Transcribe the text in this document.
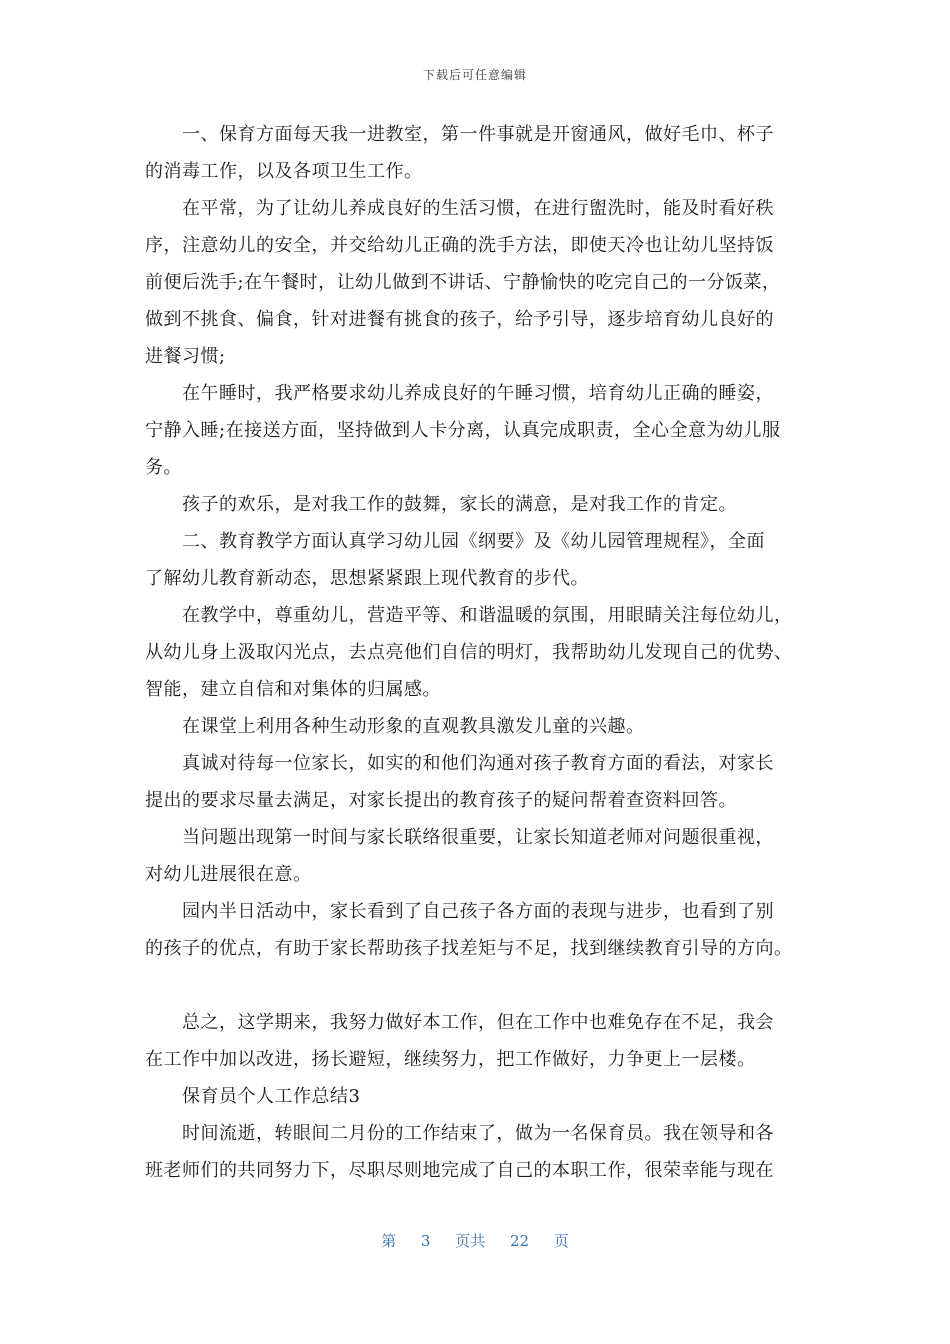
下载后可任意编辑

一、保育方面每天我一进教室，第一件事就是开窗通风，做好毛巾、杯子
的消毒工作，以及各项卫生工作。

在平常，为了让幼儿养成良好的生活习惯，在进行盥洗时，能及时看好秩
序，注意幼儿的安全，并交给幼儿正确的洗手方法，即使天冷也让幼儿坚持饭
前便后洗手;在午餐时，让幼儿做到不讲话、宁静愉快的吃完自己的一分饭菜，
做到不挑食、偏食，针对进餐有挑食的孩子，给予引导，逐步培育幼儿良好的
进餐习惯;

在午睡时，我严格要求幼儿养成良好的午睡习惯，培育幼儿正确的睡姿，
宁静入睡;在接送方面，坚持做到人卡分离，认真完成职责，全心全意为幼儿服
务。

孩子的欢乐，是对我工作的鼓舞，家长的满意，是对我工作的肯定。

二、教育教学方面认真学习幼儿园《纲要》及《幼儿园管理规程》，全面
了解幼儿教育新动态，思想紧紧跟上现代教育的步代。

在教学中，尊重幼儿，营造平等、和谐温暖的氛围，用眼睛关注每位幼儿，
从幼儿身上汲取闪光点，去点亮他们自信的明灯，我帮助幼儿发现自己的优势、
智能，建立自信和对集体的归属感。

在课堂上利用各种生动形象的直观教具激发儿童的兴趣。

真诚对待每一位家长，如实的和他们沟通对孩子教育方面的看法，对家长
提出的要求尽量去满足，对家长提出的教育孩子的疑问帮着查资料回答。

当问题出现第一时间与家长联络很重要，让家长知道老师对问题很重视，
对幼儿进展很在意。

园内半日活动中，家长看到了自己孩子各方面的表现与进步，也看到了别
的孩子的优点，有助于家长帮助孩子找差矩与不足，找到继续教育引导的方向。

总之，这学期来，我努力做好本工作，但在工作中也难免存在不足，我会
在工作中加以改进，扬长避短，继续努力，把工作做好，力争更上一层楼。

保育员个人工作总结3

时间流逝，转眼间二月份的工作结束了，做为一名保育员。我在领导和各
班老师们的共同努力下，尽职尽则地完成了自己的本职工作，很荣幸能与现在

第 3 页共 22 页
